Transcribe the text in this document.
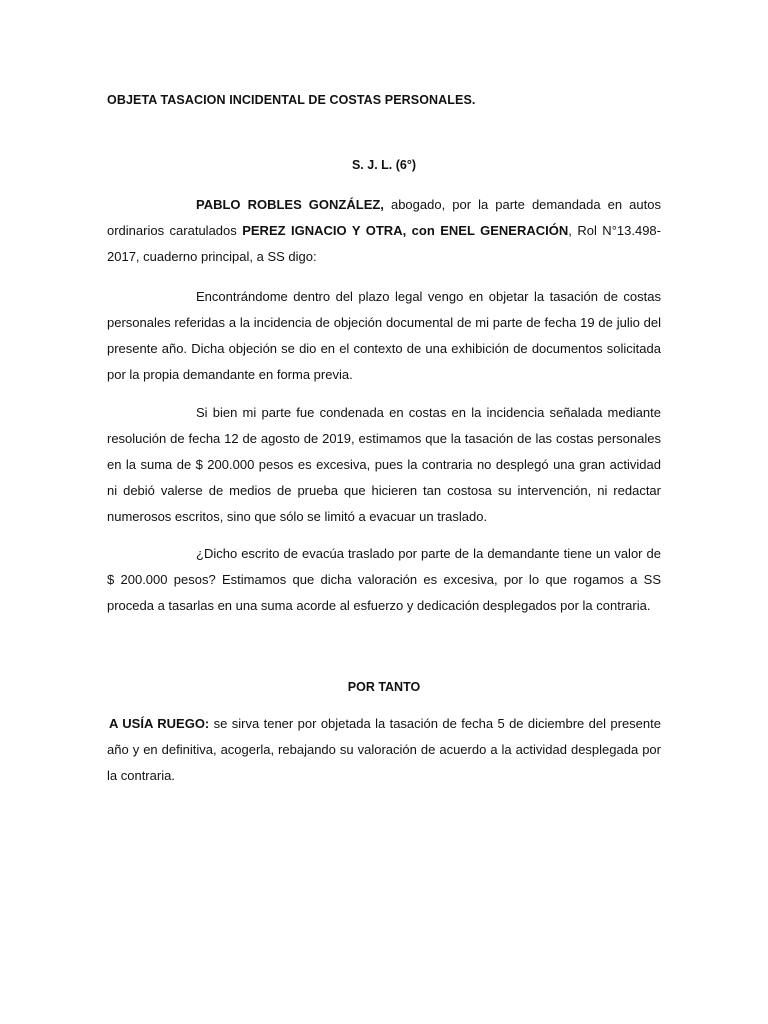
OBJETA TASACION INCIDENTAL DE COSTAS PERSONALES.
S. J. L. (6°)
PABLO ROBLES GONZÁLEZ, abogado, por la parte demandada en autos ordinarios caratulados PEREZ IGNACIO Y OTRA, con ENEL GENERACIÓN, Rol N°13.498- 2017, cuaderno principal, a SS digo:
Encontrándome dentro del plazo legal vengo en objetar la tasación de costas personales referidas a la incidencia de objeción documental de mi parte de fecha 19 de julio del presente año. Dicha objeción se dio en el contexto de una exhibición de documentos solicitada por la propia demandante en forma previa.
Si bien mi parte fue condenada en costas en la incidencia señalada mediante resolución de fecha 12 de agosto de 2019, estimamos que la tasación de las costas personales en la suma de $ 200.000 pesos es excesiva, pues la contraria no desplegó una gran actividad ni debió valerse de medios de prueba que hicieren tan costosa su intervención, ni redactar numerosos escritos, sino que sólo se limitó a evacuar un traslado.
¿Dicho escrito de evacúa traslado por parte de la demandante tiene un valor de $ 200.000 pesos? Estimamos que dicha valoración es excesiva, por lo que rogamos a SS proceda a tasarlas en una suma acorde al esfuerzo y dedicación desplegados por la contraria.
POR TANTO
A USÍA RUEGO: se sirva tener por objetada la tasación de fecha 5 de diciembre del presente año y en definitiva, acogerla, rebajando su valoración de acuerdo a la actividad desplegada por la contraria.
